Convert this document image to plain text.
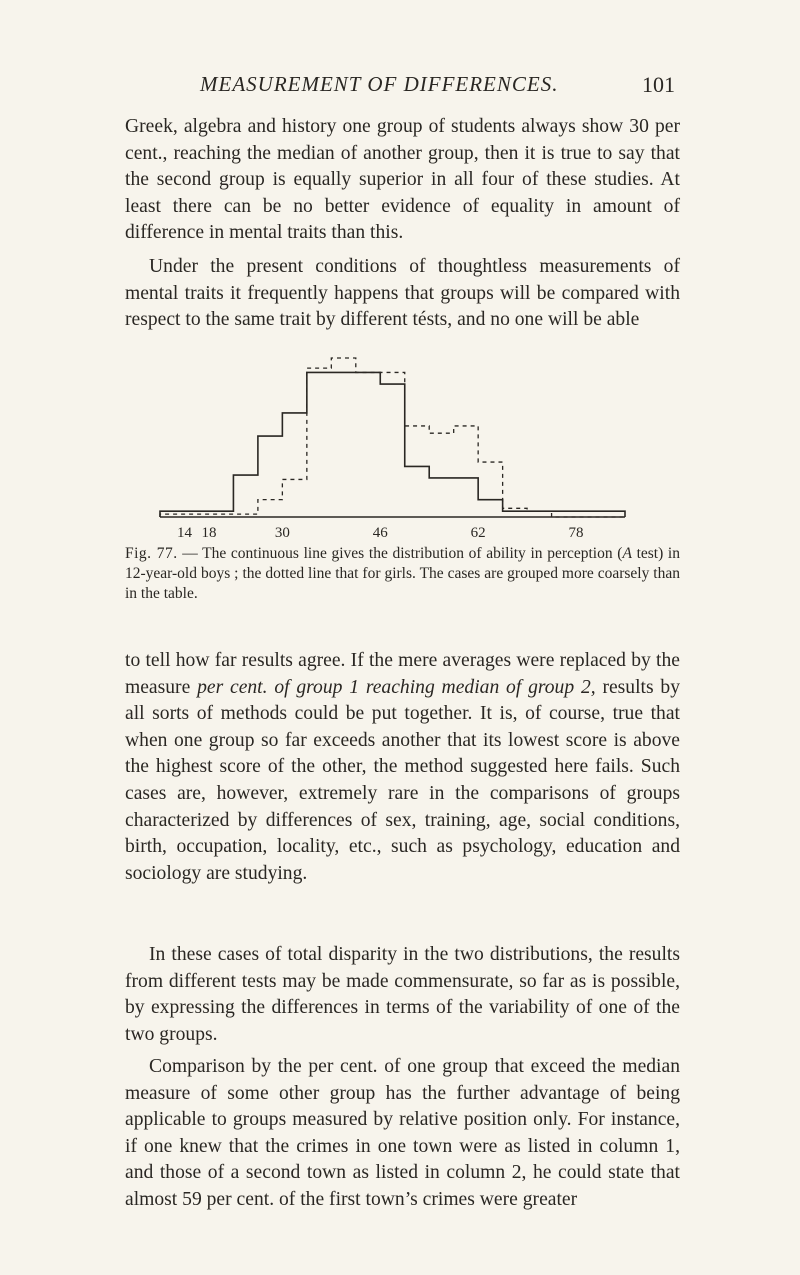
MEASUREMENT OF DIFFERENCES.	101

Greek, algebra and history one group of students always show 30 per cent., reaching the median of another group, then it is true to say that the second group is equally superior in all four of these studies. At least there can be no better evidence of equality in amount of difference in mental traits than this.

Under the present conditions of thoughtless measurements of mental traits it frequently happens that groups will be compared with respect to the same trait by different tésts, and no one will be able

14 18	30	46	62	78

Fig. 77. — The continuous line gives the distribution of ability in perception (A test) in 12-year-old boys ; the dotted line that for girls. The cases are grouped more coarsely than in the table.

to tell how far results agree. If the mere averages were replaced by the measure per cent. of group 1 reaching median of group 2, results by all sorts of methods could be put together. It is, of course, true that when one group so far exceeds another that its lowest score is above the highest score of the other, the method suggested here fails. Such cases are, however, extremely rare in the comparisons of groups characterized by differences of sex, training, age, social conditions, birth, occupation, locality, etc., such as psychology, education and sociology are studying.

In these cases of total disparity in the two distributions, the results from different tests may be made commensurate, so far as is possible, by expressing the differences in terms of the variability of one of the two groups.

Comparison by the per cent. of one group that exceed the median measure of some other group has the further advantage of being applicable to groups measured by relative position only. For instance, if one knew that the crimes in one town were as listed in column 1, and those of a second town as listed in column 2, he could state that almost 59 per cent. of the first town’s crimes were greater
